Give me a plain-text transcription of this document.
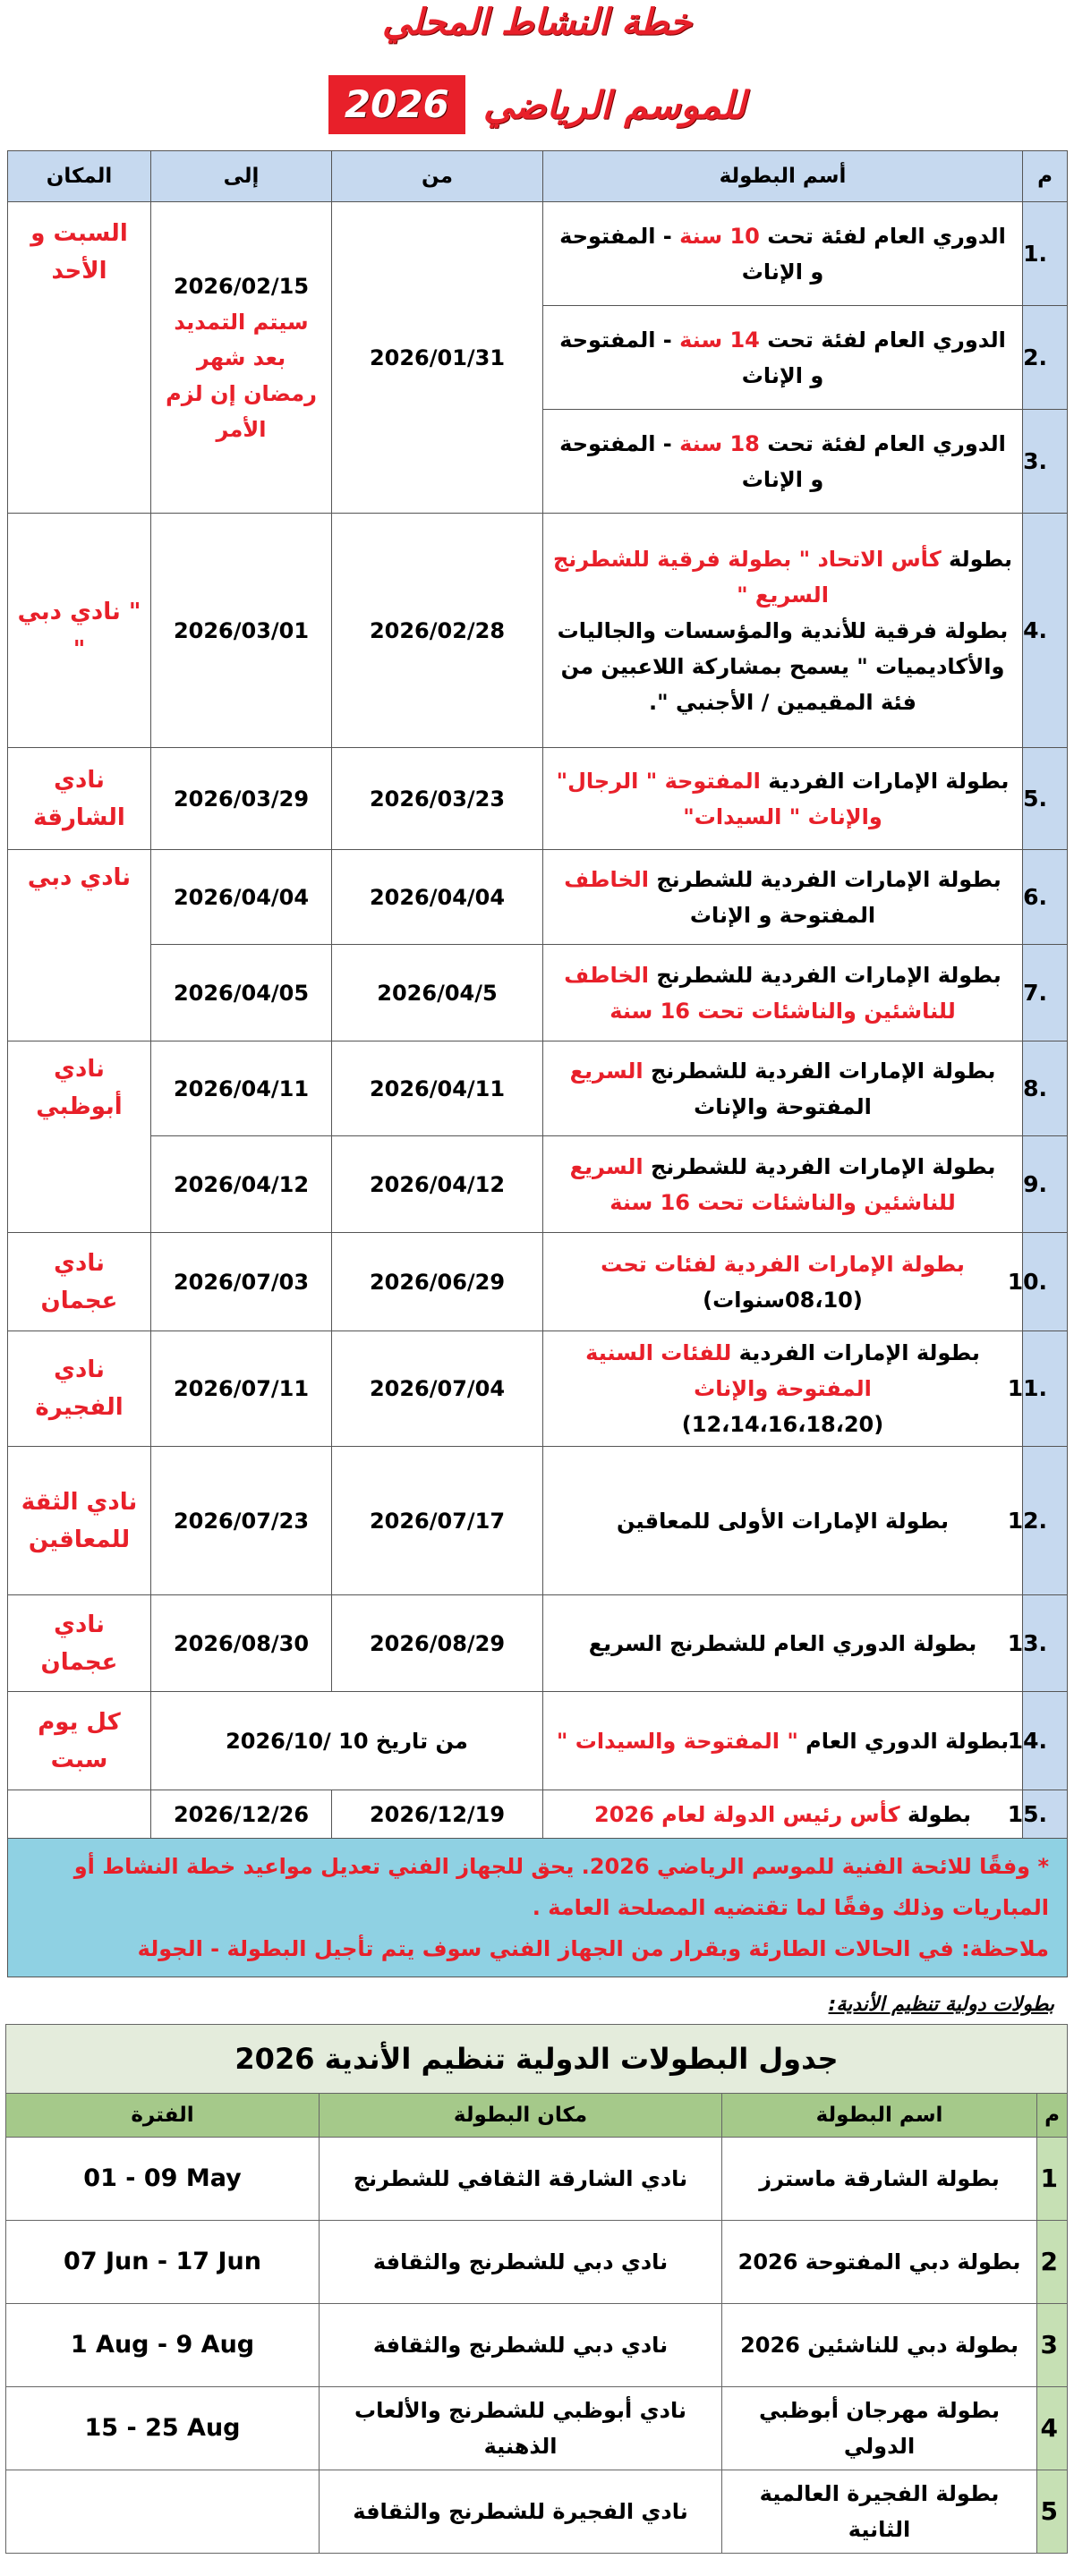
خطة النشاط المحلي
للموسم الرياضي
2026
م	أسم البطولة	من	إلى	المكان
.1	الدوري العام لفئة تحت 10 سنة - المفتوحة و الإناث	2026/01/31	2026/02/15
سيتم التمديد بعد شهر رمضان إن لزم الأمر	السبت و الأحد
.2	الدوري العام لفئة تحت 14 سنة - المفتوحة و الإناث			
.3	الدوري العام لفئة تحت 18 سنة - المفتوحة و الإناث			
.4	بطولة كأس الاتحاد " بطولة فرقية للشطرنج السريع "
بطولة فرقية للأندية والمؤسسات والجاليات والأكاديميات " يسمح بمشاركة اللاعبين من فئة المقيمين / الأجنبي ".	2026/02/28	2026/03/01	" نادي دبي "
.5	بطولة الإمارات الفردية المفتوحة " الرجال" والإناث " السيدات"	2026/03/23	2026/03/29	نادي الشارقة
.6	بطولة الإمارات الفردية للشطرنج الخاطف المفتوحة و الإناث	2026/04/04	2026/04/04	نادي دبي
.7	بطولة الإمارات الفردية للشطرنج الخاطف للناشئين والناشئات تحت 16 سنة	2026/04/5	2026/04/05	
.8	بطولة الإمارات الفردية للشطرنج السريع المفتوحة والإناث	2026/04/11	2026/04/11	نادي أبوظبي
.9	بطولة الإمارات الفردية للشطرنج السريع للناشئين والناشئات تحت 16 سنة	2026/04/12	2026/04/12	
.10	بطولة الإمارات الفردية لفئات تحت
(08،10سنوات)	2026/06/29	2026/07/03	نادي عجمان
.11	بطولة الإمارات الفردية للفئات السنية المفتوحة والإناث
(12،14،16،18،20)	2026/07/04	2026/07/11	نادي الفجيرة
.12	بطولة الإمارات الأولى للمعاقين	2026/07/17	2026/07/23	نادي الثقة للمعاقين
.13	بطولة الدوري العام للشطرنج السريع	2026/08/29	2026/08/30	نادي عجمان
.14	بطولة الدوري العام " المفتوحة والسيدات "	من تاريخ 10 /2026/10		كل يوم سبت
.15	بطولة كأس رئيس الدولة لعام 2026	2026/12/19	2026/12/26	

* وفقًا للائحة الفنية للموسم الرياضي 2026. يحق للجهاز الفني تعديل مواعيد خطة النشاط أو المباريات وذلك وفقًا لما تقتضيه المصلحة العامة .
ملاحظة: في الحالات الطارئة وبقرار من الجهاز الفني سوف يتم تأجيل البطولة - الجولة				
بطولات دولية تنظيم الأندية:
جدول البطولات الدولية تنظيم الأندية 2026			
م	اسم البطولة	مكان البطولة	الفترة
1	بطولة الشارقة ماسترز	نادي الشارقة الثقافي للشطرنج	01 - 09 May
2	بطولة دبي المفتوحة 2026	نادي دبي للشطرنج والثقافة	07 Jun - 17 Jun
3	بطولة دبي للناشئين 2026	نادي دبي للشطرنج والثقافة	1 Aug - 9 Aug
4	بطولة مهرجان أبوظبي الدولي	نادي أبوظبي للشطرنج والألعاب الذهنية	15 - 25 Aug
5	بطولة الفجيرة العالمية الثانية	نادي الفجيرة للشطرنج والثقافة	
